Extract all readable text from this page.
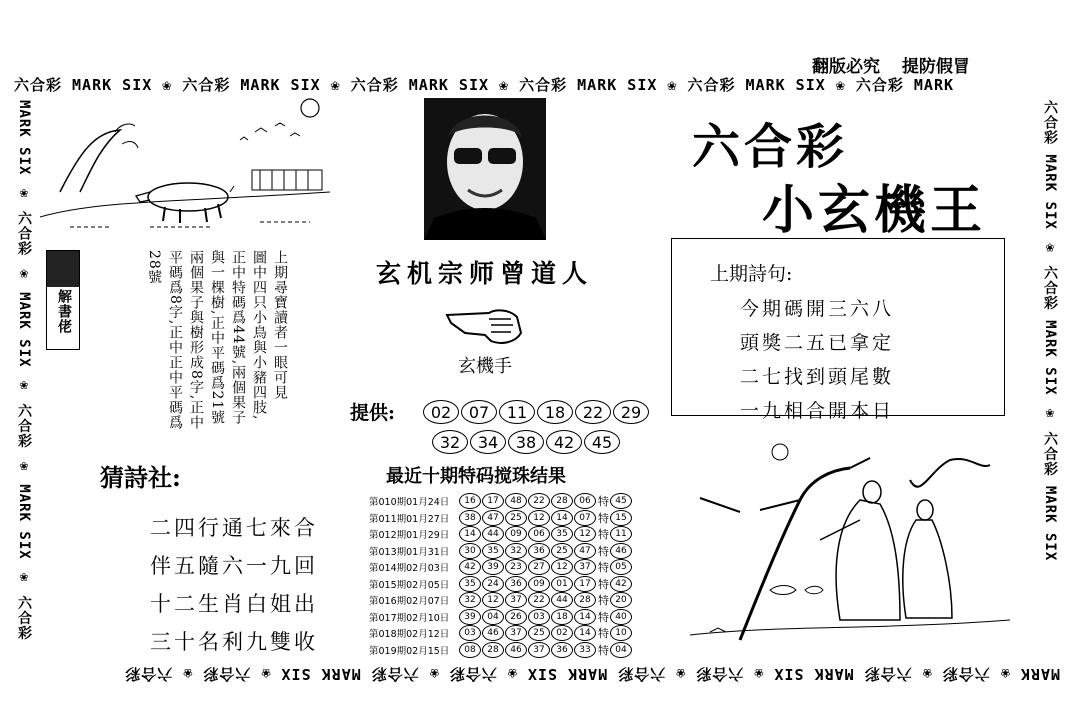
翻版必究 提防假冒
六合彩 MARK SIX ❀ 六合彩 MARK SIX ❀ 六合彩 MARK SIX ❀ 六合彩 MARK SIX ❀ 六合彩 MARK SIX ❀ 六合彩 MARK
MARK ❀ 六合彩 ❀ 六合彩 MARK SIX ❀ 六合彩 ❀ 六合彩 MARK SIX ❀ 六合彩 ❀ 六合彩 MARK SIX ❀ 六合彩 ❀ 六合彩
MARK SIX ❀ 六合彩 ❀ MARK SIX ❀ 六合彩 ❀ MARK SIX ❀ 六合彩	六合彩 MARK SIX ❀ 六合彩 MARK SIX ❀ 六合彩 MARK SIX
六合彩
小玄機王
玄机宗师曾道人
玄機手
提供:	02	07	11	18	22	29
32	34	38	42	45
最近十期特码搅珠结果
第010期01月24日	16	17	48	22	28	06 特 45
第011期01月27日	38	47	25	12	14	07 特 15
第012期01月29日	14	44	09	06	35	12 特 11
第013期01月31日	30	35	32	36	25	47 特 46
第014期02月03日	42	39	23	27	12	37 特 05
第015期02月05日	35	24	36	09	01	17 特 42
第016期02月07日	32	12	37	22	44	28 特 20
第017期02月10日	39	04	26	03	18	14 特 40
第018期02月12日	03	46	37	25	02	14 特 10
第019期02月15日	08	28	46	37	36	33 特 04
上期詩句:
今期碼開三六八
頭獎二五已拿定
二七找到頭尾數
一九相合開本日
上期尋寶讀者一眼可見
圖中四只小鳥與小豬四肢,
正中特碼爲44號,兩個果子
與一棵樹,正中平碼爲21號
兩個果子與樹形成8字,正中
平碼爲8字,正中正中平碼爲
28號
解書佬
猜詩社:
二四行通七來合
伴五隨六一九回
十二生肖白姐出
三十名利九雙收
